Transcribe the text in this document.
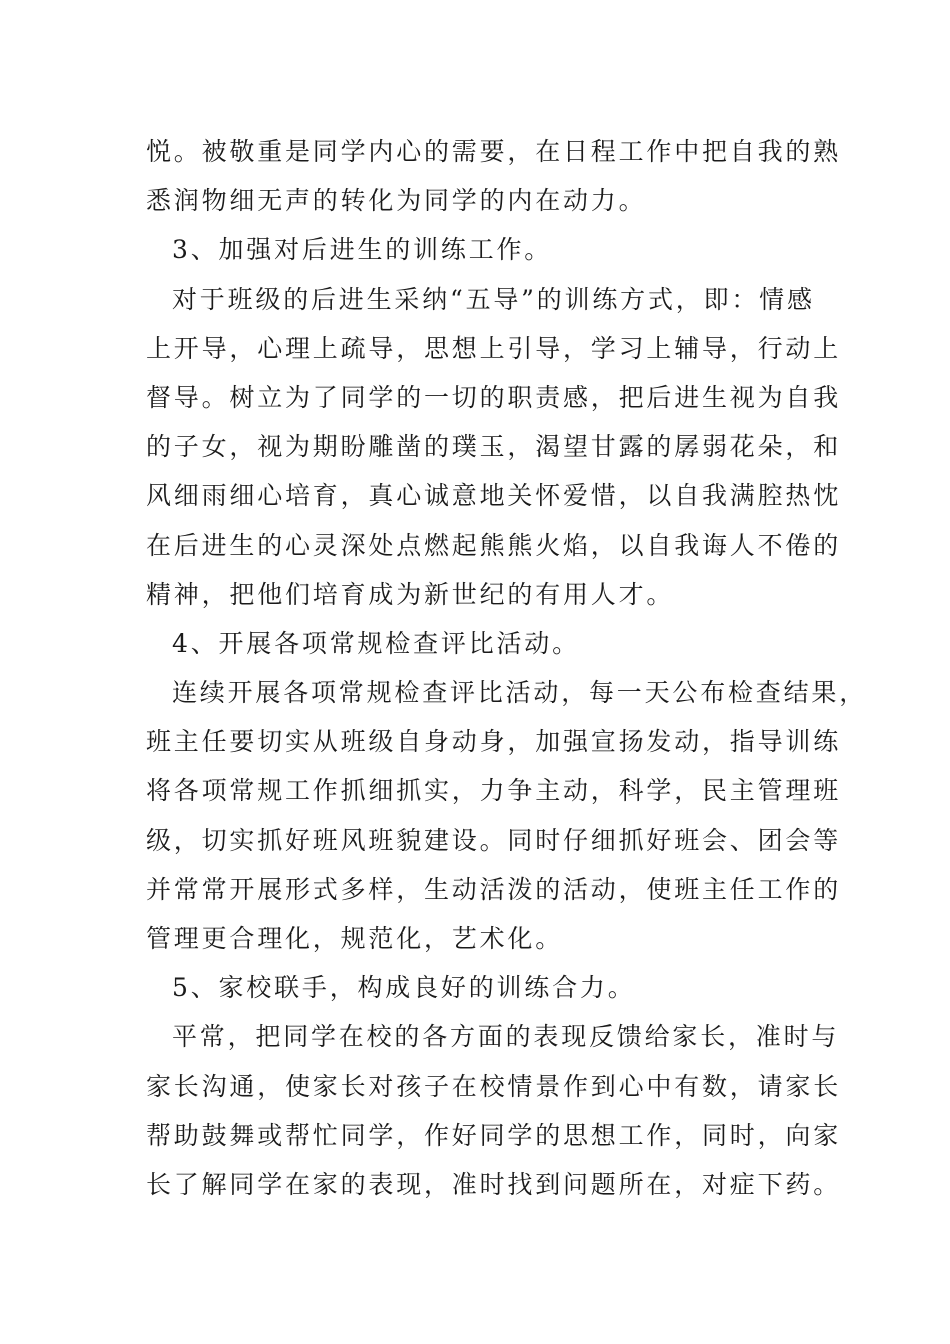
悦。被敬重是同学内心的需要，在日程工作中把自我的熟
悉润物细无声的转化为同学的内在动力。
3、加强对后进生的训练工作。
对于班级的后进生采纳“五导”的训练方式，即：情感
上开导，心理上疏导，思想上引导，学习上辅导，行动上
督导。树立为了同学的一切的职责感，把后进生视为自我
的子女，视为期盼雕凿的璞玉，渴望甘露的孱弱花朵，和
风细雨细心培育，真心诚意地关怀爱惜，以自我满腔热忱
在后进生的心灵深处点燃起熊熊火焰，以自我诲人不倦的
精神，把他们培育成为新世纪的有用人才。
4、开展各项常规检查评比活动。
连续开展各项常规检查评比活动，每一天公布检查结果，
班主任要切实从班级自身动身，加强宣扬发动，指导训练
将各项常规工作抓细抓实，力争主动，科学，民主管理班
级，切实抓好班风班貌建设。同时仔细抓好班会、团会等
并常常开展形式多样，生动活泼的活动，使班主任工作的
管理更合理化，规范化，艺术化。
5、家校联手，构成良好的训练合力。
平常，把同学在校的各方面的表现反馈给家长，准时与
家长沟通，使家长对孩子在校情景作到心中有数，请家长
帮助鼓舞或帮忙同学，作好同学的思想工作，同时，向家
长了解同学在家的表现，准时找到问题所在，对症下药。
